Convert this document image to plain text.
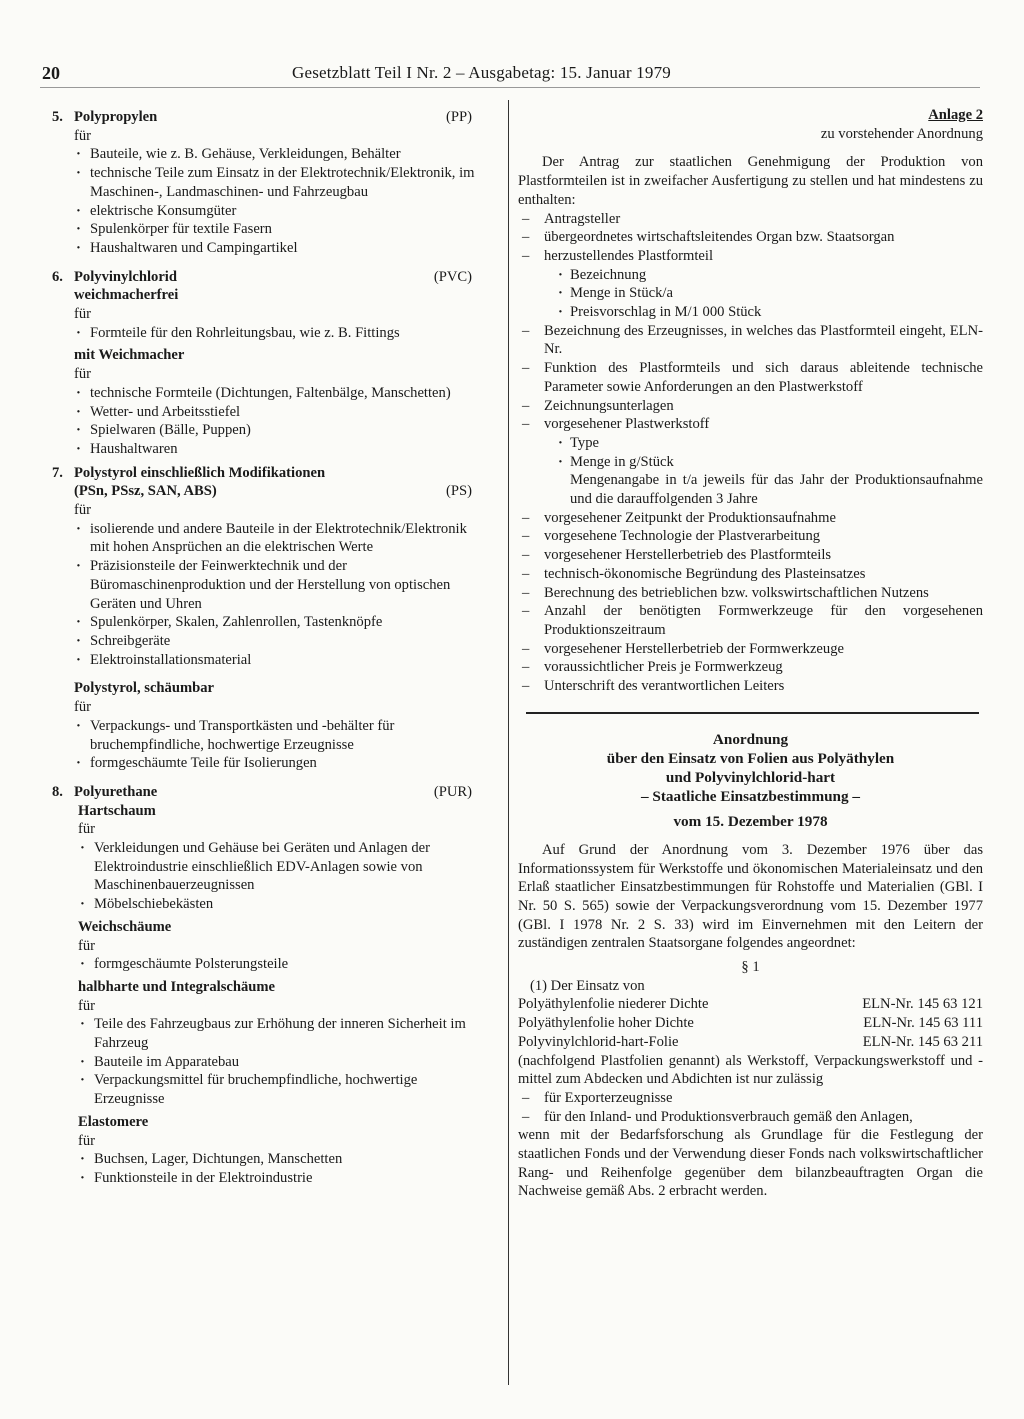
20	Gesetzblatt Teil I Nr. 2 – Ausgabetag: 15. Januar 1979
5. Polypropylen	(PP)
für
· Bauteile, wie z. B. Gehäuse, Verkleidungen, Behälter
· technische Teile zum Einsatz in der Elektrotechnik/Elektronik, im Maschinen-, Landmaschinen- und Fahrzeugbau
· elektrische Konsumgüter
· Spulenkörper für textile Fasern
· Haushaltwaren und Campingartikel
6. Polyvinylchlorid	(PVC)
weichmacherfrei
für
· Formteile für den Rohrleitungsbau, wie z. B. Fittings
mit Weichmacher
für
· technische Formteile (Dichtungen, Faltenbälge, Manschetten)
· Wetter- und Arbeitsstiefel
· Spielwaren (Bälle, Puppen)
· Haushaltwaren
7. Polystyrol einschließlich Modifikationen
(PSn, PSsz, SAN, ABS)	(PS)
für
· isolierende und andere Bauteile in der Elektrotechnik/Elektronik mit hohen Ansprüchen an die elektrischen Werte
· Präzisionsteile der Feinwerktechnik und der Büromaschinenproduktion und der Herstellung von optischen Geräten und Uhren
· Spulenkörper, Skalen, Zahlenrollen, Tastenknöpfe
· Schreibgeräte
· Elektroinstallationsmaterial
Polystyrol, schäumbar
für
· Verpackungs- und Transportkästen und -behälter für bruchempfindliche, hochwertige Erzeugnisse
· formgeschäumte Teile für Isolierungen
8. Polyurethane	(PUR)
Hartschaum
für
· Verkleidungen und Gehäuse bei Geräten und Anlagen der Elektroindustrie einschließlich EDV-Anlagen sowie von Maschinenbauerzeugnissen
· Möbelschiebekästen
Weichschäume
für
· formgeschäumte Polsterungsteile
halbharte und Integralschäume
für
· Teile des Fahrzeugbaus zur Erhöhung der inneren Sicherheit im Fahrzeug
· Bauteile im Apparatebau
· Verpackungsmittel für bruchempfindliche, hochwertige Erzeugnisse
Elastomere
für
· Buchsen, Lager, Dichtungen, Manschetten
· Funktionsteile in der Elektroindustrie
Anlage 2
zu vorstehender Anordnung
Der Antrag zur staatlichen Genehmigung der Produktion von Plastformteilen ist in zweifacher Ausfertigung zu stellen und hat mindestens zu enthalten:
– Antragsteller
– übergeordnetes wirtschaftsleitendes Organ bzw. Staatsorgan
– herzustellendes Plastformteil
· Bezeichnung
· Menge in Stück/a
· Preisvorschlag in M/1 000 Stück
– Bezeichnung des Erzeugnisses, in welches das Plastformteil eingeht, ELN-Nr.
– Funktion des Plastformteils und sich daraus ableitende technische Parameter sowie Anforderungen an den Plastwerkstoff
– Zeichnungsunterlagen
– vorgesehener Plastwerkstoff
· Type
· Menge in g/Stück
Mengenangabe in t/a jeweils für das Jahr der Produktionsaufnahme und die darauffolgenden 3 Jahre
– vorgesehener Zeitpunkt der Produktionsaufnahme
– vorgesehene Technologie der Plastverarbeitung
– vorgesehener Herstellerbetrieb des Plastformteils
– technisch-ökonomische Begründung des Plasteinsatzes
– Berechnung des betrieblichen bzw. volkswirtschaftlichen Nutzens
– Anzahl der benötigten Formwerkzeuge für den vorgesehenen Produktionszeitraum
– vorgesehener Herstellerbetrieb der Formwerkzeuge
– voraussichtlicher Preis je Formwerkzeug
– Unterschrift des verantwortlichen Leiters
Anordnung
über den Einsatz von Folien aus Polyäthylen
und Polyvinylchlorid-hart
– Staatliche Einsatzbestimmung –
vom 15. Dezember 1978
Auf Grund der Anordnung vom 3. Dezember 1976 über das Informationssystem für Werkstoffe und ökonomischen Materialeinsatz und den Erlaß staatlicher Einsatzbestimmungen für Rohstoffe und Materialien (GBl. I Nr. 50 S. 565) sowie der Verpackungsverordnung vom 15. Dezember 1977 (GBl. I 1978 Nr. 2 S. 33) wird im Einvernehmen mit den Leitern der zuständigen zentralen Staatsorgane folgendes angeordnet:
§ 1
(1) Der Einsatz von
Polyäthylenfolie niederer Dichte	ELN-Nr. 145 63 121
Polyäthylenfolie hoher Dichte	ELN-Nr. 145 63 111
Polyvinylchlorid-hart-Folie	ELN-Nr. 145 63 211
(nachfolgend Plastfolien genannt) als Werkstoff, Verpackungswerkstoff und -mittel zum Abdecken und Abdichten ist nur zulässig
– für Exporterzeugnisse
– für den Inland- und Produktionsverbrauch gemäß den Anlagen,
wenn mit der Bedarfsforschung als Grundlage für die Festlegung der staatlichen Fonds und der Verwendung dieser Fonds nach volkswirtschaftlicher Rang- und Reihenfolge gegenüber dem bilanzbeauftragten Organ die Nachweise gemäß Abs. 2 erbracht werden.
